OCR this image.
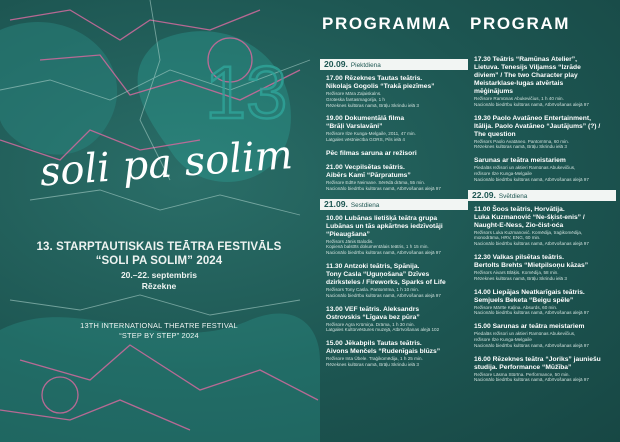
13
soli pa solim
13. STARPTAUTISKAIS TEĀTRA FESTIVĀLS
“SOLI PA SOLIM” 2024
20.–22. septembris
Rēzekne
13TH INTERNATIONAL THEATRE FESTIVAL
“STEP BY STEP” 2024
PROGRAMMA PROGRAM
20.09. Piektdiena
17.00 Rēzeknes Tautas teātris.
Nikolajs Gogolis “Trakā piezīmes”
Režisore Māra Zaļaiskalns.
Groteska fantasmagorija, 1 h
Rēzeknes kultūras namā, Brāļu Skrindu ielā 3
19.00 Dokumentālā filma
“Brāļi Varslavāni”
Režisore Ilze Kunga-Melgaile, 2011, 47 min.
Latgales vēstniecība GORS, Pils ielā 4
Pēc filmas saruna ar režisori
21.00 Vecpilsētas teātris.
Aibērs Kamī “Pārpratums”
Režisore Edīte Neimane. Sērēdā drāma, 55 min.
Nacionālo biedrību kultūras namā, Atbrīvošanas alejā 97
21.09. Sestdiena
10.00 Lubānas lietišķā teātra grupa
Lubānas un tās apkārtnes iedzīvotāji
“Pieaugšana”
Režisors Jānis Balodis.
Kopienā balstīts dokumentālais teātris, 1 h 15 min.
Nacionālo biedrību kultūras namā, Atbrīvošanas alejā 97
11.30 Antzoki teātris, Spānija.
Tony Casla “Uguņošana” Dzīves
dzirksteles / Fireworks, Sparks of Life
Režisors Tony Casla. Pantomīma, 1 h 10 min.
Nacionālo biedrību kultūras namā, Atbrīvošanas alejā 97
13.00 VEF teātris. Aleksandrs
Ostrovskis “Līgava bez pūra”
Režisore Agra Krūmiņa. Drāma, 1 h 30 min.
Latgales Kultūrvēstures muzejā, Atbrīvošanas alejā 102
15.00 Jēkabpils Tautas teātris.
Aivons Menčels “Rudenīgais blūzs”
Režisore Inta Ūbele. Traģikomēdija, 1 h 25 min.
Rēzeknes kultūras namā, Brāļu Skrindu ielā 3
17.30 Teātris “Ramūnas Atelier”,
Lietuva. Tenesijs Viljamss “Izrāde
diviem” / The two Character play
Meistarklase-lugas atvērtais
mēģinājums
Režisore Ramūnas Abukevičius, 1 h 40 min.
Nacionālo biedrību kultūras namā, Atbrīvošanas alejā 97
19.30 Paolo Avatāneo Entertainment,
Itālija. Paolo Avatāneo “Jautājums” (?) /
The question
Režisors Paolo Avatāneo. Pantomīma, 60 min.
Rēzeknes kultūras namā, Brāļu Skrindu ielā 3
Sarunas ar teātra meistariem
Piedalās režisori un aktieri Ramūnas Abukevičius,
režisore Ilze Kunga-Melgaile
Nacionālo biedrību kultūras namā, Atbrīvošanas alejā 97
22.09. Svētdiena
11.00 Šoos teātris, Horvātija.
Luka Kuzmanović “Ne-šķist-enis” /
Naught-E-Ness, Zio-čist-oća
Režisors Luka Kuzmanović. Komēdija, traģikomēdija,
monodrāma, HRV, ENG, 60 min.
Nacionālo biedrību kultūras namā, Atbrīvošanas alejā 97
12.30 Valkas pilsētas teātris.
Bertolts Brehts “Mietpilsoņu kāzas”
Režisors Aivars Blāķis. Komēdija, 58 min.
Rēzeknes kultūras namā, Brāļu Skrindu ielā 3
14.00 Liepājas Neatkarīgais teātris.
Semjuels Beketa “Beigu spēle”
Režisore Mārīte Kaļina. Absurds, 60 min.
Nacionālo biedrību kultūras namā, Atbrīvošanas alejā 97
15.00 Sarunas ar teātra meistariem
Piedalās režisori un aktieri Ramūnas Abukevičius,
režisore Ilze Kunga-Melgaile
Nacionālo biedrību kultūras namā, Atbrīvošanas alejā 97
16.00 Rēzeknes teātra “Joriks” jauniešu
studija. Performance “Mūžība”
Režisore Lāsma Stūrīna. Performance, 50 min.
Nacionālo biedrību kultūras namā, Atbrīvošanas alejā 97
